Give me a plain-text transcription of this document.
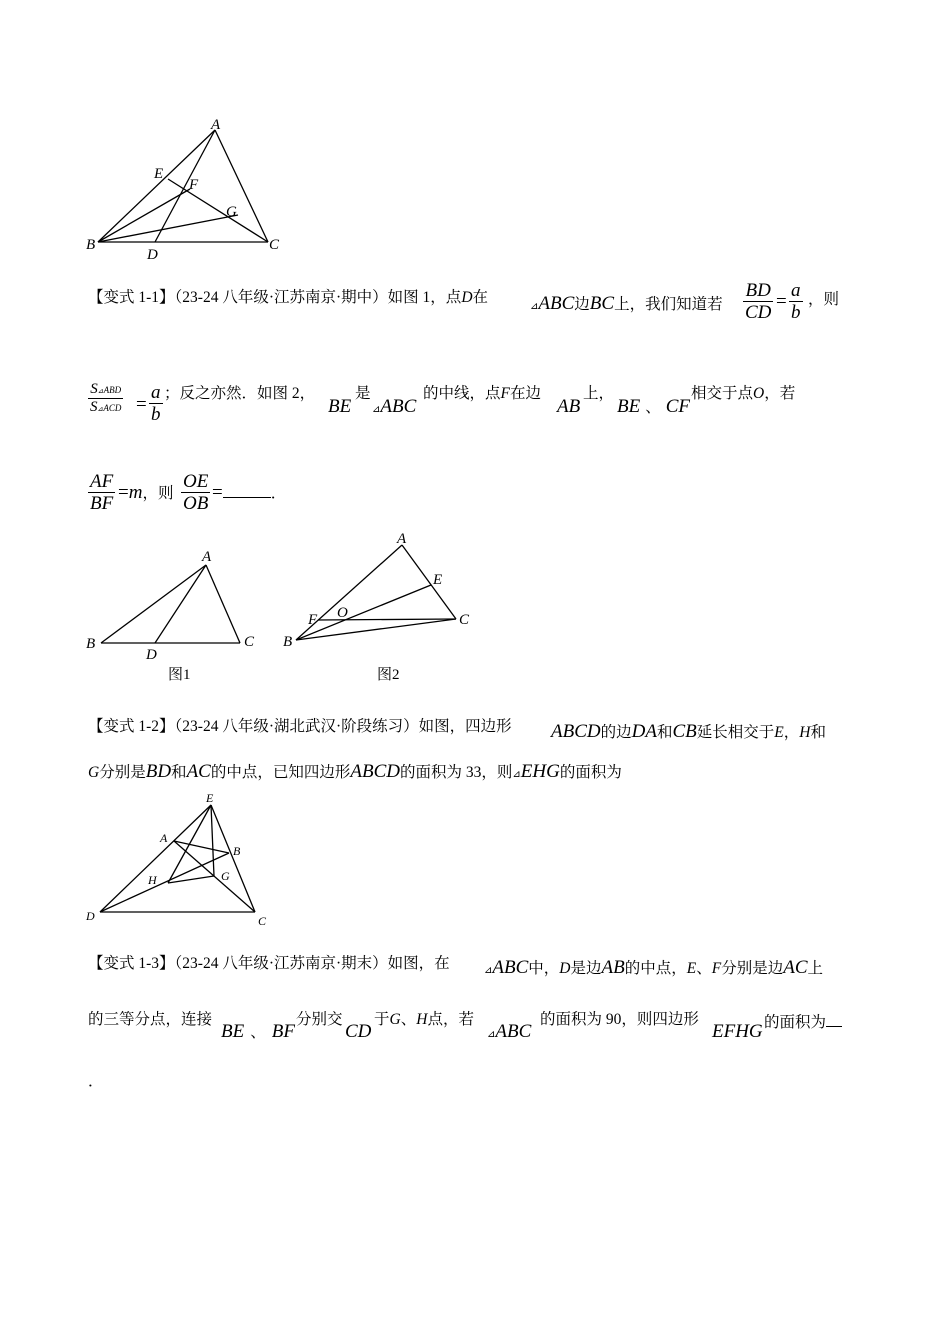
A
E
F
G
B	C
D
【变式 1-1】（23-24 八年级·江苏南京·期中）如图 1，点D在
⊿ABC边BC上，我们知道若 $\frac{BD}{CD} = \frac{a}{b}$ ，则
$\frac{\text{S⊿ABD}}{\text{S⊿ACD}} = \frac{a}{b}$ ；反之亦然．如图 2，
BE
是
⊿ABC
的中线，点F在边
AB
上，
BE 、 CF
相交于点O，若
$\frac{AF}{BF} =m$，则 $\frac{OE}{OB}$ =	．
A
B	C
D
图1
A
E
F O	C
B
图2
【变式 1-2】（23-24 八年级·湖北武汉·阶段练习）如图，四边形 ABCD的边DA和CB延长相交于E，H和
G分别是BD和AC的中点，已知四边形ABCD的面积为 33，则⊿EHG的面积为
E
A
B
H	G
D	C
【变式 1-3】（23-24 八年级·江苏南京·期末）如图，在	⊿ABC中，D是边AB的中点，E、F分别是边AC上
的三等分点，连接
BE 、 BF
分别交
CD
于G、H点，若
⊿ABC
的面积为 90，则四边形
EFHG 的面积为
．
